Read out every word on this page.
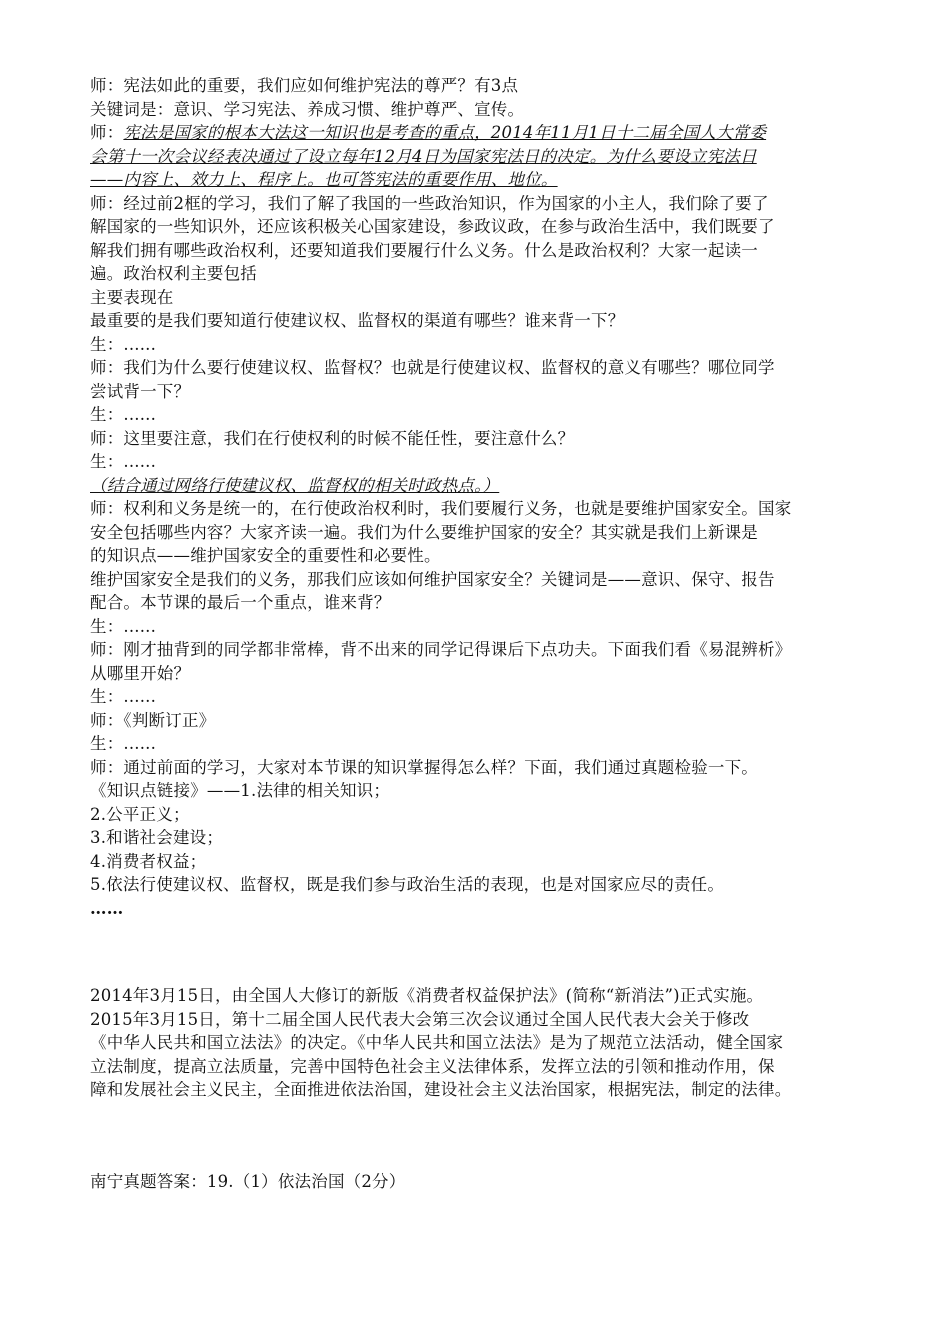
师：宪法如此的重要，我们应如何维护宪法的尊严？有3点
关键词是：意识、学习宪法、养成习惯、维护尊严、宣传。
师：宪法是国家的根本大法这一知识也是考查的重点，2014年11月1日十二届全国人大常委
会第十一次会议经表决通过了设立每年12月4日为国家宪法日的决定。为什么要设立宪法日
——内容上、效力上、程序上。也可答宪法的重要作用、地位。
师：经过前2框的学习，我们了解了我国的一些政治知识，作为国家的小主人，我们除了要了
解国家的一些知识外，还应该积极关心国家建设，参政议政，在参与政治生活中，我们既要了
解我们拥有哪些政治权利，还要知道我们要履行什么义务。什么是政治权利？大家一起读一
遍。政治权利主要包括
主要表现在
最重要的是我们要知道行使建议权、监督权的渠道有哪些？谁来背一下？
生：......
师：我们为什么要行使建议权、监督权？也就是行使建议权、监督权的意义有哪些？哪位同学
尝试背一下？
生：......
师：这里要注意，我们在行使权利的时候不能任性，要注意什么？
生：......
（结合通过网络行使建议权、监督权的相关时政热点。）
师：权利和义务是统一的，在行使政治权利时，我们要履行义务，也就是要维护国家安全。国家
安全包括哪些内容？大家齐读一遍。我们为什么要维护国家的安全？其实就是我们上新课是
的知识点——维护国家安全的重要性和必要性。
维护国家安全是我们的义务，那我们应该如何维护国家安全？关键词是——意识、保守、报告
配合。本节课的最后一个重点，谁来背？
生：......
师：刚才抽背到的同学都非常棒，背不出来的同学记得课后下点功夫。下面我们看《易混辨析》
从哪里开始？
生：......
师：《判断订正》
生：......
师：通过前面的学习，大家对本节课的知识掌握得怎么样？下面，我们通过真题检验一下。
《知识点链接》——1.法律的相关知识；
2.公平正义；
3.和谐社会建设；
4.消费者权益；
5.依法行使建议权、监督权，既是我们参与政治生活的表现，也是对国家应尽的责任。
……
2014年3月15日，由全国人大修订的新版《消费者权益保护法》(简称“新消法”)正式实施。
2015年3月15日，第十二届全国人民代表大会第三次会议通过全国人民代表大会关于修改
《中华人民共和国立法法》的决定。《中华人民共和国立法法》是为了规范立法活动，健全国家
立法制度，提高立法质量，完善中国特色社会主义法律体系，发挥立法的引领和推动作用，保
障和发展社会主义民主，全面推进依法治国，建设社会主义法治国家，根据宪法，制定的法律。
南宁真题答案：19.（1）依法治国（2分）
